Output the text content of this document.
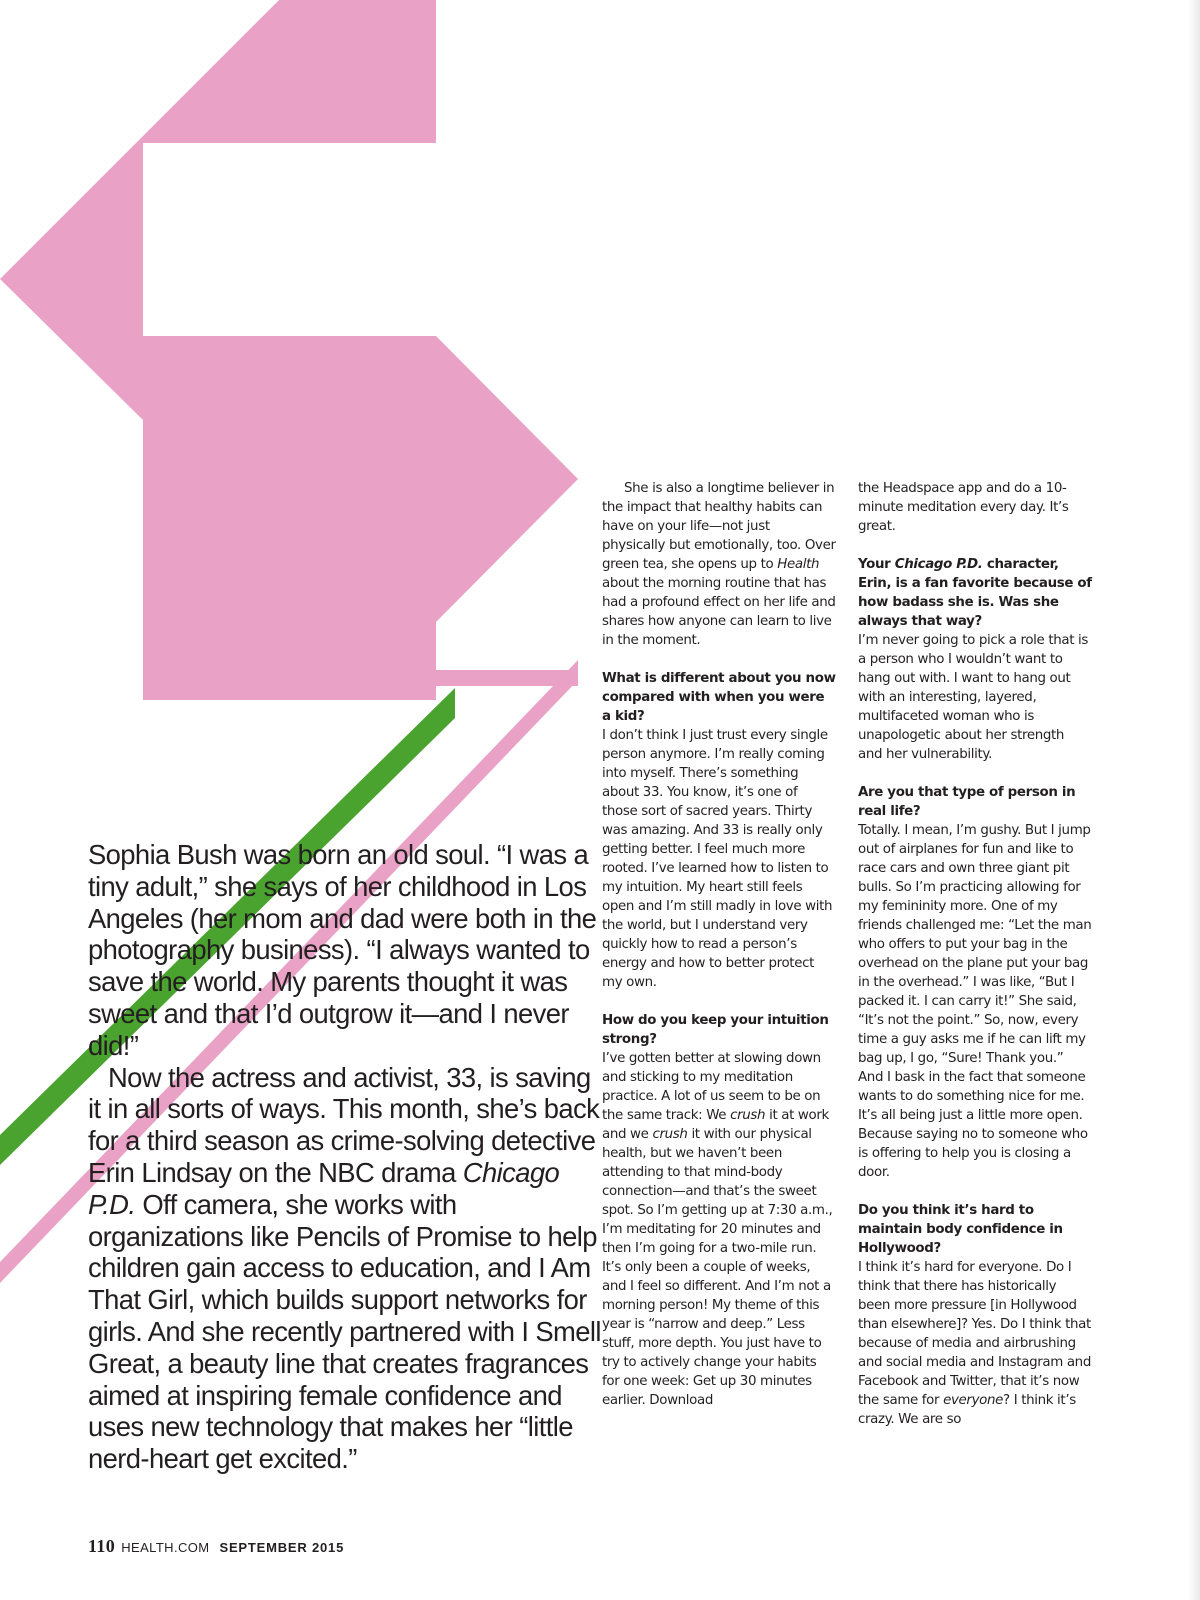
Sophia Bush was born an old soul. “I was a tiny adult,” she says of her childhood in Los Angeles (her mom and dad were both in the photography business). “I always wanted to save the world. My parents thought it was sweet and that I’d outgrow it—and I never did!”

Now the actress and activist, 33, is saving it in all sorts of ways. This month, she’s back for a third season as crime-solving detective Erin Lindsay on the NBC drama Chicago P.D. Off camera, she works with organizations like Pencils of Promise to help children gain access to education, and I Am That Girl, which builds support networks for girls. And she recently partnered with I Smell Great, a beauty line that creates fragrances aimed at inspiring female confidence and uses new technology that makes her “little nerd-heart get excited.”

She is also a longtime believer in the impact that healthy habits can have on your life—not just physically but emotionally, too. Over green tea, she opens up to Health about the morning routine that has had a profound effect on her life and shares how anyone can learn to live in the moment.

What is different about you now compared with when you were a kid?

I don’t think I just trust every single person anymore. I’m really coming into myself. There’s something about 33. You know, it’s one of those sort of sacred years. Thirty was amazing. And 33 is really only getting better. I feel much more rooted. I’ve learned how to listen to my intuition. My heart still feels open and I’m still madly in love with the world, but I understand very quickly how to read a person’s energy and how to better protect my own.

How do you keep your intuition strong?

I’ve gotten better at slowing down and sticking to my meditation practice. A lot of us seem to be on the same track: We crush it at work and we crush it with our physical health, but we haven’t been attending to that mind-body connection—and that’s the sweet spot. So I’m getting up at 7:30 a.m., I’m meditating for 20 minutes and then I’m going for a two-mile run. It’s only been a couple of weeks, and I feel so different. And I’m not a morning person! My theme of this year is “narrow and deep.” Less stuff, more depth. You just have to try to actively change your habits for one week: Get up 30 minutes earlier. Download

the Headspace app and do a 10-minute meditation every day. It’s great.

Your Chicago P.D. character, Erin, is a fan favorite because of how badass she is. Was she always that way?

I’m never going to pick a role that is a person who I wouldn’t want to hang out with. I want to hang out with an interesting, layered, multifaceted woman who is unapologetic about her strength and her vulnerability.

Are you that type of person in real life?

Totally. I mean, I’m gushy. But I jump out of airplanes for fun and like to race cars and own three giant pit bulls. So I’m practicing allowing for my femininity more. One of my friends challenged me: “Let the man who offers to put your bag in the overhead on the plane put your bag in the overhead.” I was like, “But I packed it. I can carry it!” She said, “It’s not the point.” So, now, every time a guy asks me if he can lift my bag up, I go, “Sure! Thank you.” And I bask in the fact that someone wants to do something nice for me. It’s all being just a little more open. Because saying no to someone who is offering to help you is closing a door.

Do you think it’s hard to maintain body confidence in Hollywood?

I think it’s hard for everyone. Do I think that there has historically been more pressure [in Hollywood than elsewhere]? Yes. Do I think that because of media and airbrushing and social media and Instagram and Facebook and Twitter, that it’s now the same for everyone? I think it’s crazy. We are so

110 HEALTH.COM SEPTEMBER 2015
